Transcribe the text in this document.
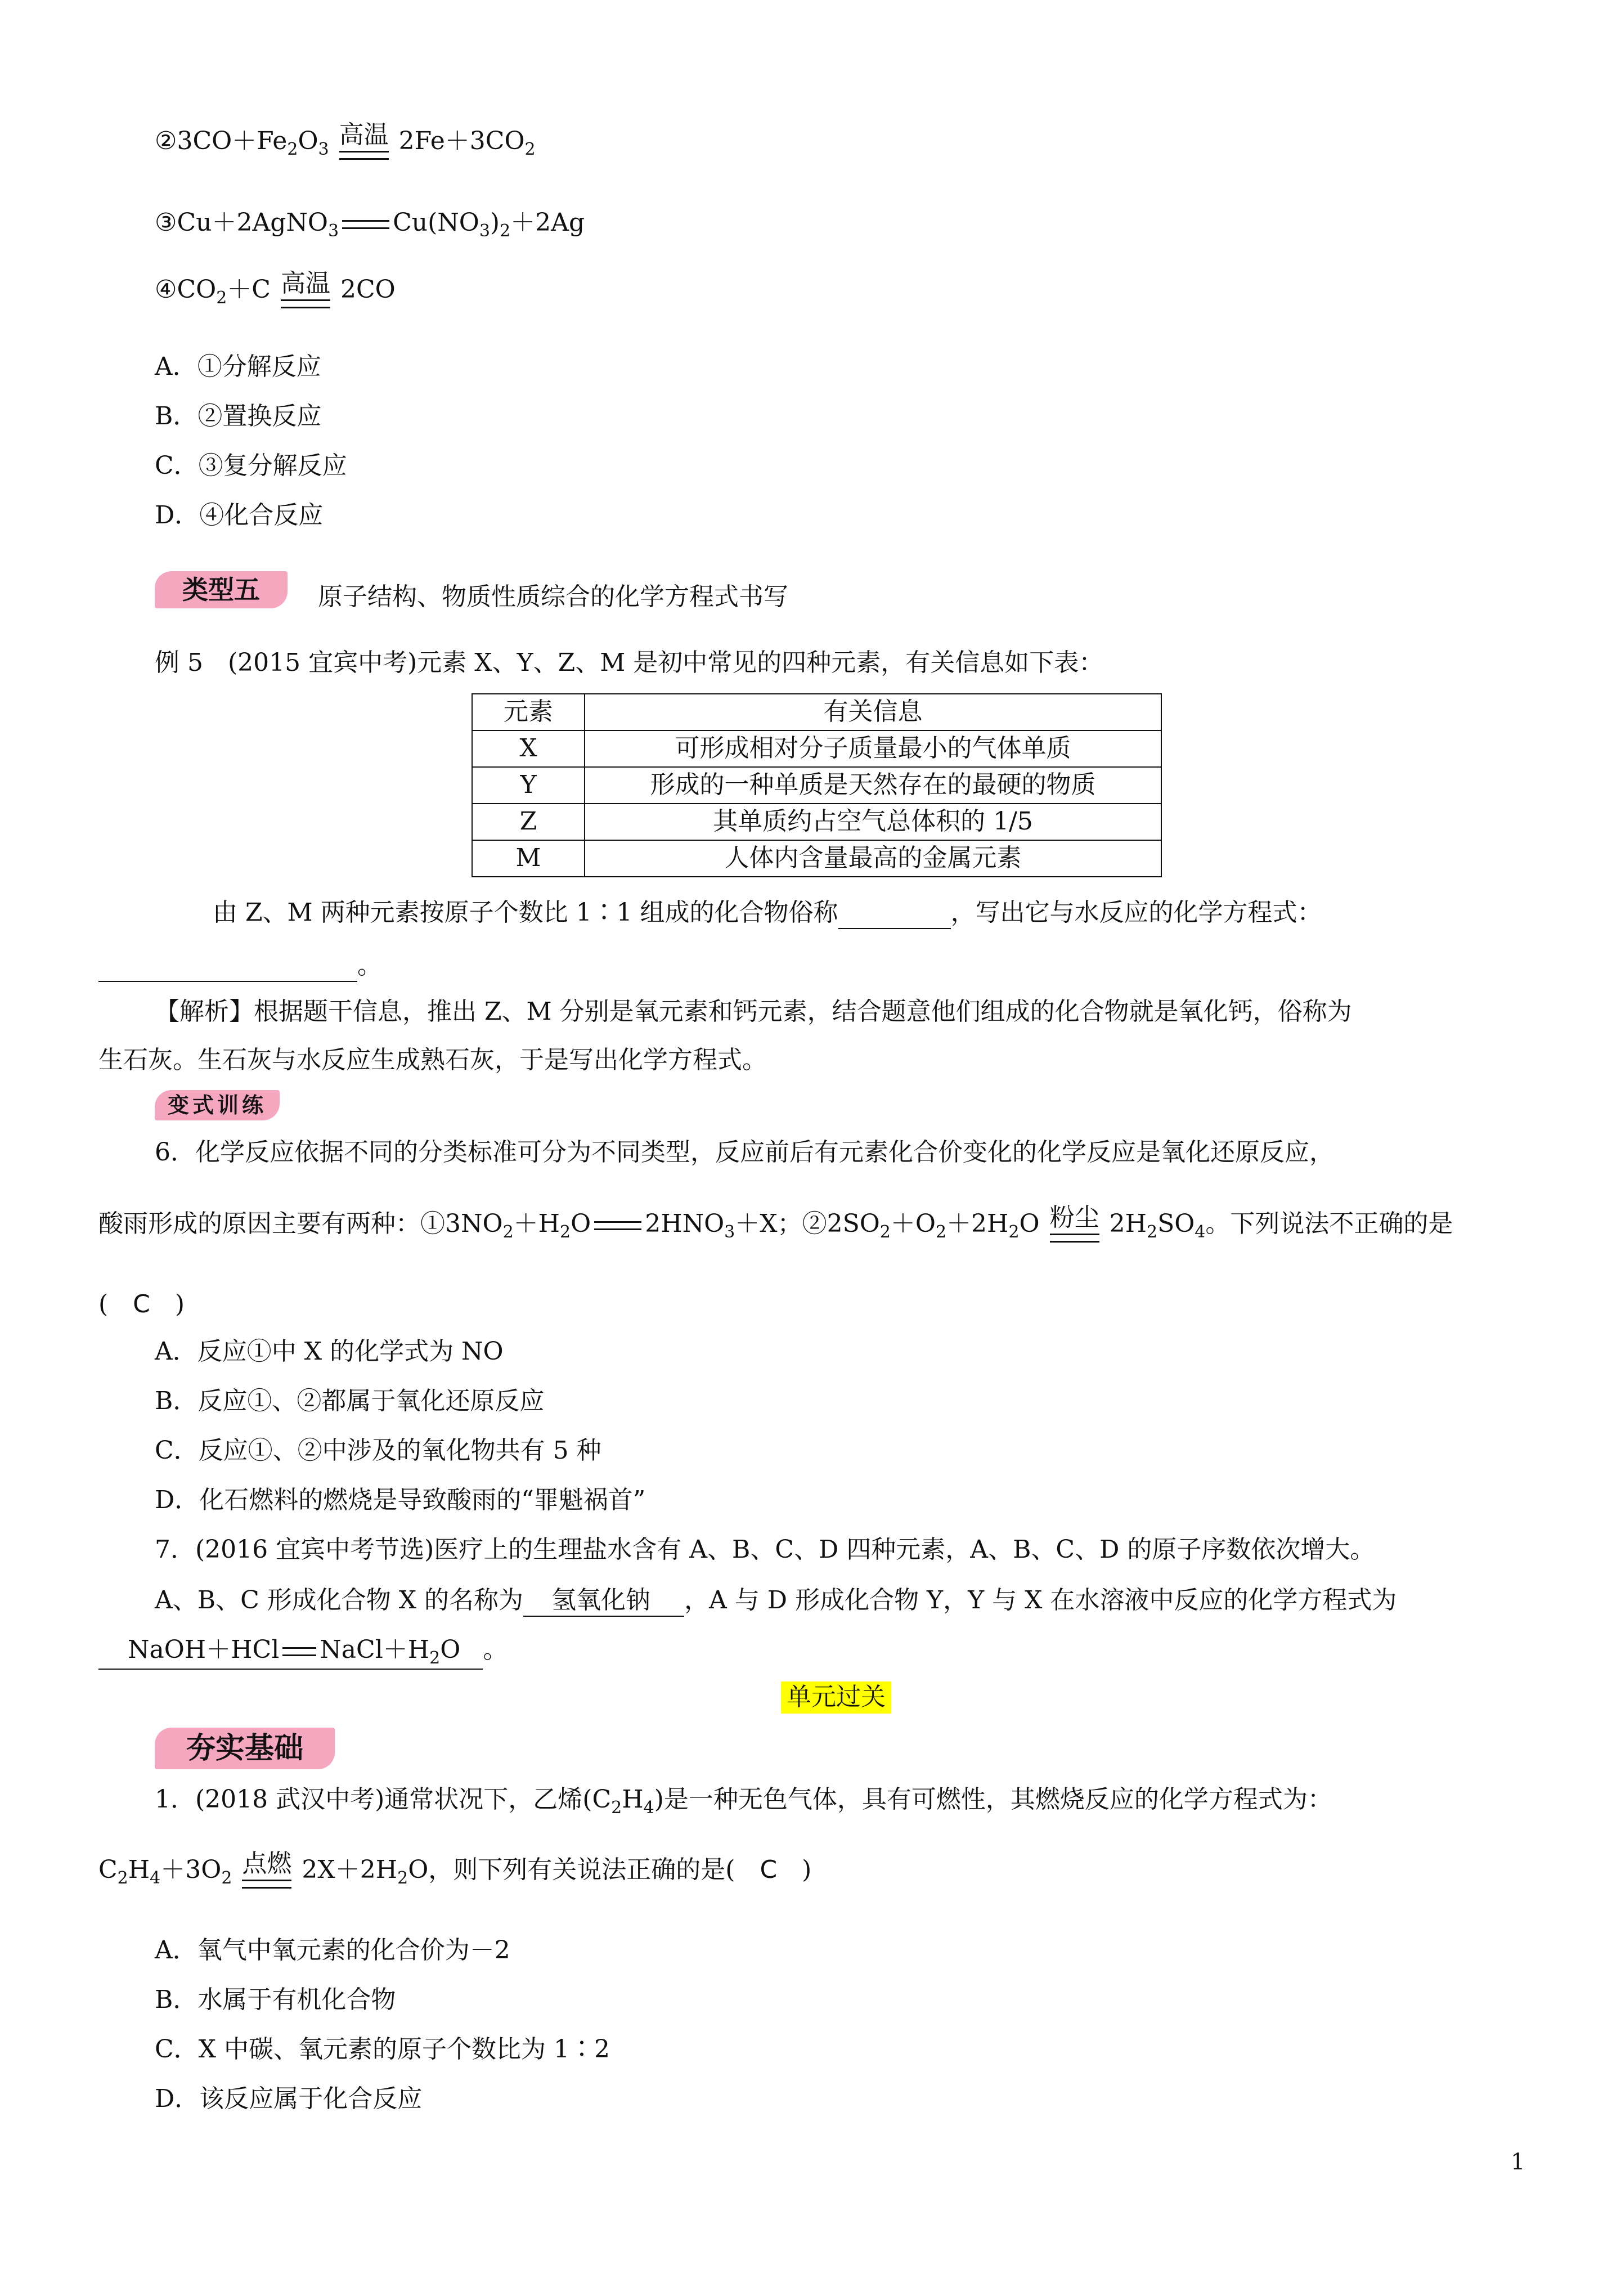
$②3CO+Fe_2O_3$
高温 $2Fe+3CO_2$
③Cu＋2AgNO$_3$ $Cu(NO_3)_2+2Ag$
$④CO_2+C$ 高温 2CO
A．①分解反应
B．②置换反应
C．③复分解反应
D．④化合反应
类型五	原子结构、物质性质综合的化学方程式书写
例 5　(2015 宜宾中考)元素 X、Y、Z、M 是初中常见的四种元素，有关信息如下表：
元素	有关信息
X	可形成相对分子质量最小的气体单质
Y	形成的一种单质是天然存在的最硬的物质
Z	其单质约占空气总体积的 1/5
M	人体内含量最高的金属元素
由 Z、M 两种元素按原子个数比 1∶1 组成的化合物俗称	，写出它与水反应的化学方程式：
。
【解析】根据题干信息，推出 Z、M 分别是氧元素和钙元素，结合题意他们组成的化合物就是氧化钙，俗称为
生石灰。生石灰与水反应生成熟石灰，于是写出化学方程式。
变式训练
6．化学反应依据不同的分类标准可分为不同类型，反应前后有元素化合价变化的化学反应是氧化还原反应，
酸雨形成的原因主要有两种：$①3NO_2+H_2O$ $2HNO_3+X$；$②2SO_2+O_2+2H_2O$ 粉尘 $2H_2SO_4$。下列说法不正确的是
(　C　)
A．反应①中 X 的化学式为 NO
B．反应①、②都属于氧化还原反应
C．反应①、②中涉及的氧化物共有 5 种
D．化石燃料的燃烧是导致酸雨的“罪魁祸首”
7．(2016 宜宾中考节选)医疗上的生理盐水含有 A、B、C、D 四种元素，A、B、C、D 的原子序数依次增大。
A、B、C 形成化合物 X 的名称为 氢氧化钠 ，A 与 D 形成化合物 Y，Y 与 X 在水溶液中反应的化学方程式为
NaOH＋HCl $NaCl+H_2O$ 。
单元过关
夯实基础
1．(2018 武汉中考)通常状况下，乙烯$(C_2H_4)$是一种无色气体，具有可燃性，其燃烧反应的化学方程式为：
$C_2H_4+3O_2$
点燃 $2X+2H_2O$，则下列有关说法正确的是(　C　)
A．氧气中氧元素的化合价为－2
B．水属于有机化合物
C．X 中碳、氧元素的原子个数比为 1∶2
D．该反应属于化合反应
1
